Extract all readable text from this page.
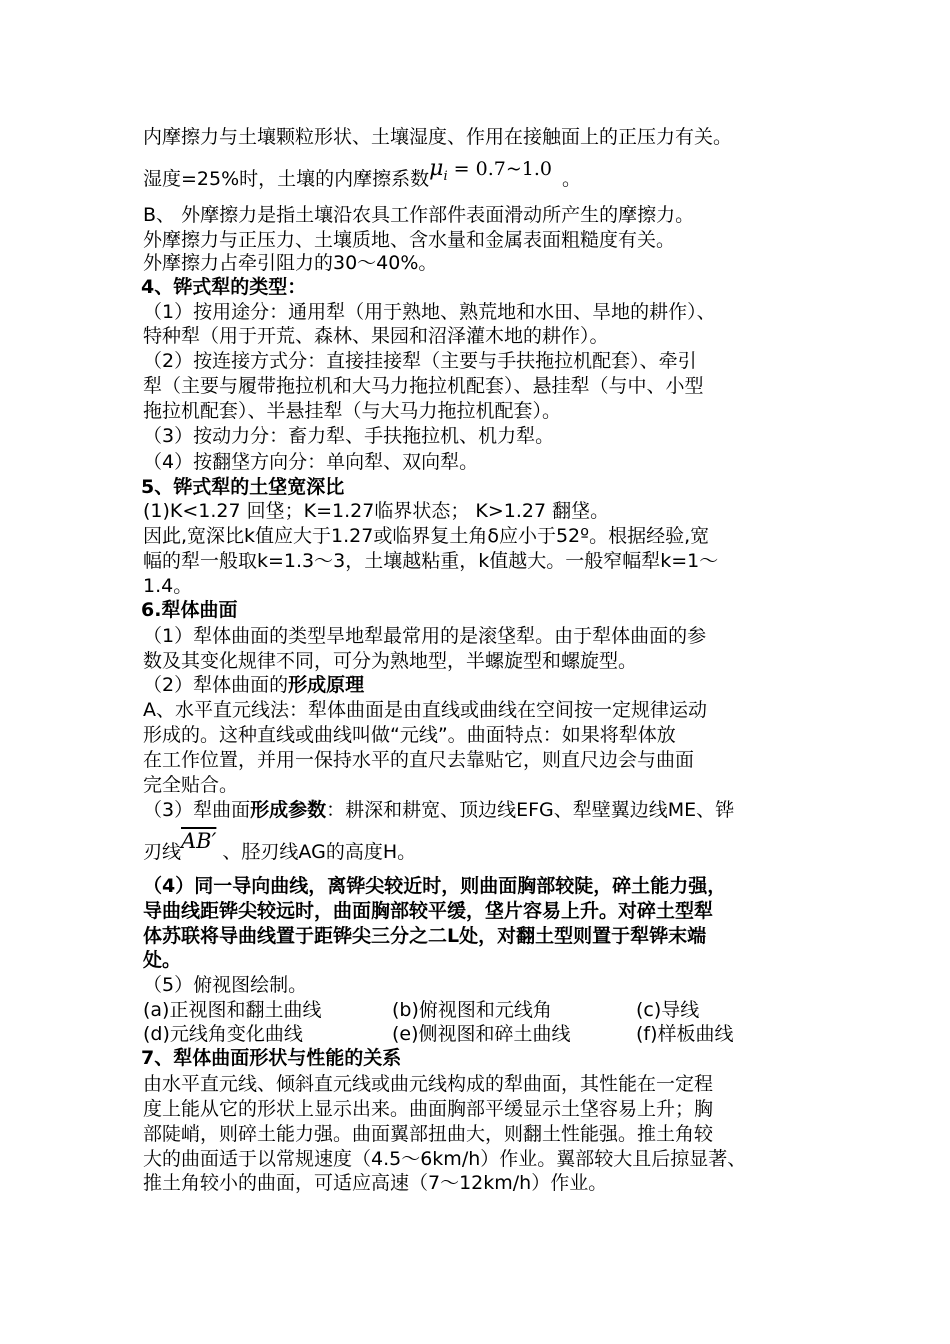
内摩擦力与土壤颗粒形状、土壤湿度、作用在接触面上的正压力有关。
湿度=25%时，土壤的内摩擦系数$\mu_i$ = 0.7~1.0 。
B、 外摩擦力是指土壤沿农具工作部件表面滑动所产生的摩擦力。
外摩擦力与正压力、土壤质地、含水量和金属表面粗糙度有关。
外摩擦力占牵引阻力的30～40%。
4、铧式犁的类型：
（1）按用途分：通用犁（用于熟地、熟荒地和水田、旱地的耕作）、
特种犁（用于开荒、森林、果园和沼泽灌木地的耕作）。
（2）按连接方式分：直接挂接犁（主要与手扶拖拉机配套）、牵引
犁（主要与履带拖拉机和大马力拖拉机配套）、悬挂犁（与中、小型
拖拉机配套）、半悬挂犁（与大马力拖拉机配套）。
（3）按动力分：畜力犁、手扶拖拉机、机力犁。
（4）按翻垡方向分：单向犁、双向犁。
5、铧式犁的土垡宽深比
(1)K<1.27 回垡；K=1.27临界状态； K>1.27 翻垡。
因此,宽深比k值应大于1.27或临界复土角δ应小于52º。根据经验,宽
幅的犁一般取k=1.3～3，土壤越粘重，k值越大。一般窄幅犁k=1～
1.4。
6.犁体曲面
（1）犁体曲面的类型旱地犁最常用的是滚垡犁。由于犁体曲面的参
数及其变化规律不同，可分为熟地型，半螺旋型和螺旋型。
（2）犁体曲面的形成原理
A、水平直元线法：犁体曲面是由直线或曲线在空间按一定规律运动
形成的。这种直线或曲线叫做“元线”。曲面特点：如果将犁体放
在工作位置，并用一保持水平的直尺去靠贴它，则直尺边会与曲面
完全贴合。
（3）犁曲面形成参数：耕深和耕宽、顶边线EFG、犁壁翼边线ME、铧
刃线AB′ 、胫刃线AG的高度H。
（4）同一导向曲线，离铧尖较近时，则曲面胸部较陡，碎土能力强，
导曲线距铧尖较远时，曲面胸部较平缓，垡片容易上升。对碎土型犁
体苏联将导曲线置于距铧尖三分之二L处，对翻土型则置于犁铧末端
处。
（5）俯视图绘制。
(a)正视图和翻土曲线	(b)俯视图和元线角	(c)导线
(d)元线角变化曲线	(e)侧视图和碎土曲线	(f)样板曲线
7、犁体曲面形状与性能的关系
由水平直元线、倾斜直元线或曲元线构成的犁曲面，其性能在一定程
度上能从它的形状上显示出来。曲面胸部平缓显示土垡容易上升；胸
部陡峭，则碎土能力强。曲面翼部扭曲大，则翻土性能强。推土角较
大的曲面适于以常规速度（4.5～6km/h）作业。翼部较大且后掠显著、
推土角较小的曲面，可适应高速（7～12km/h）作业。
